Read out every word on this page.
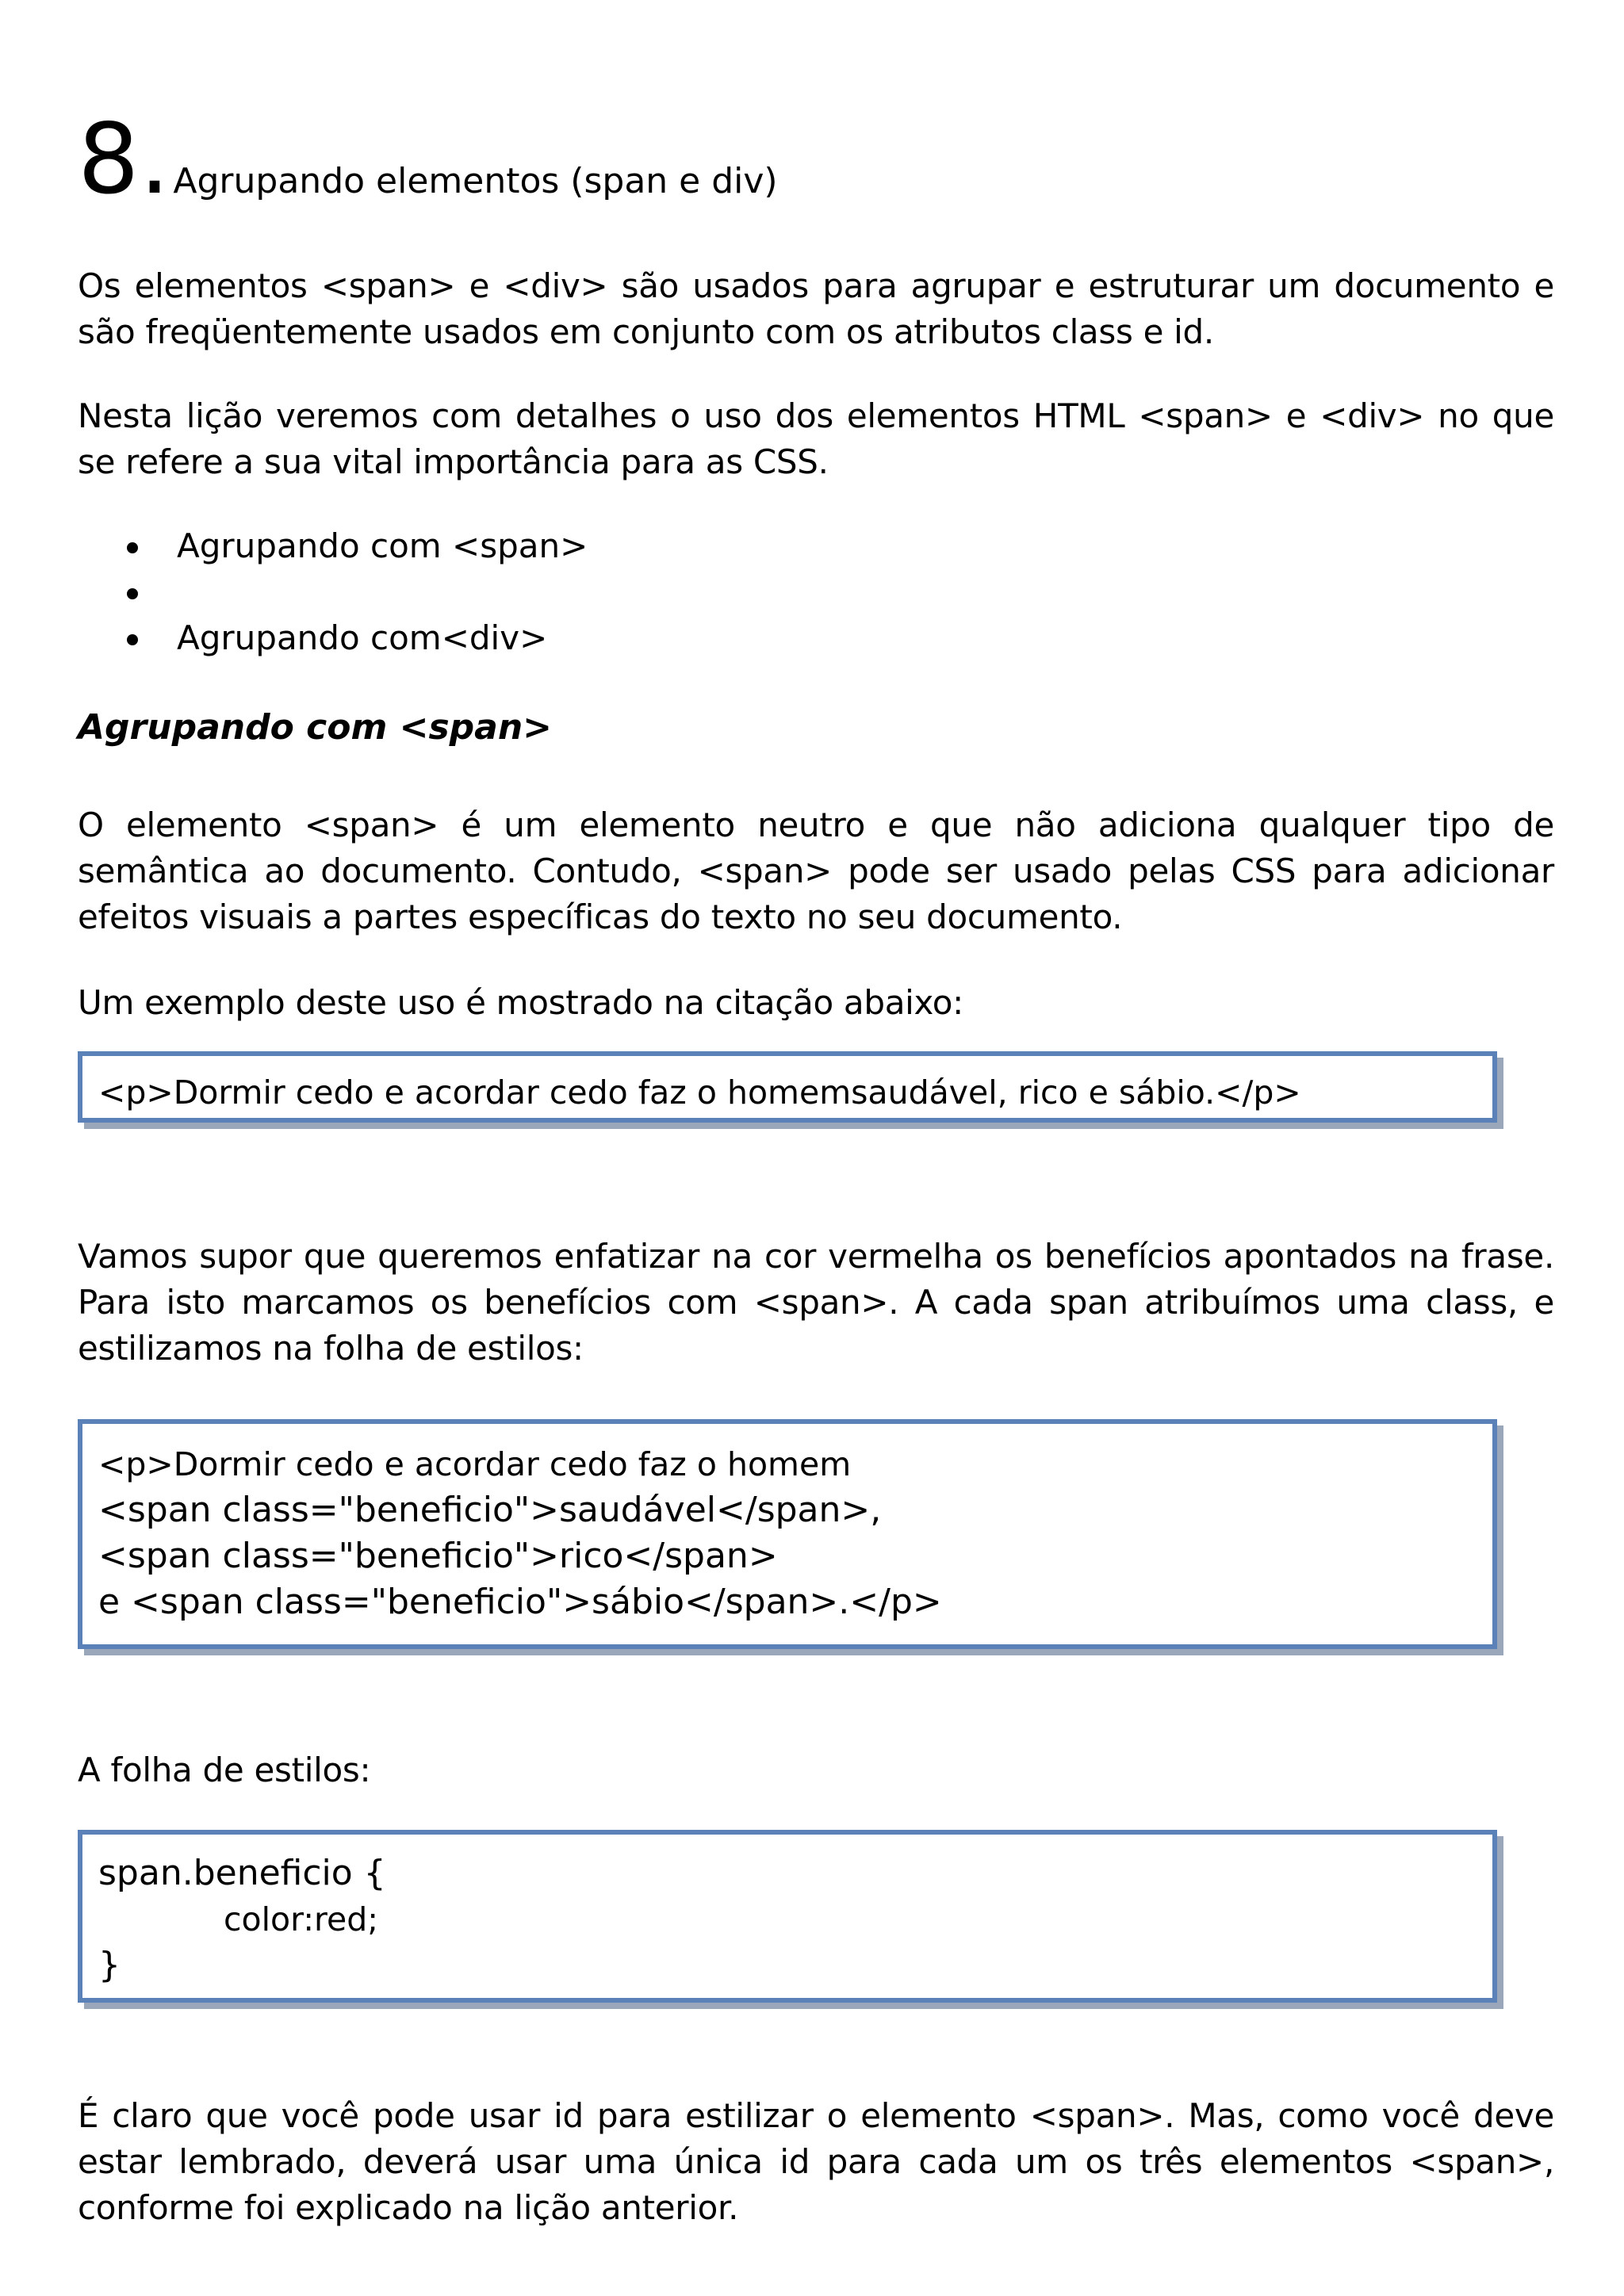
8.Agrupando elementos (span e div)
Os elementos <span> e <div> são usados para agrupar e estruturar um documento e são freqüentemente usados em conjunto com os atributos class e id.
Nesta lição veremos com detalhes o uso dos elementos HTML <span> e <div> no que se refere a sua vital importância para as CSS.
Agrupando com <span>
Agrupando com<div>
Agrupando com <span>
O elemento <span> é um elemento neutro e que não adiciona qualquer tipo de semântica ao documento. Contudo, <span> pode ser usado pelas CSS para adicionar efeitos visuais a partes específicas do texto no seu documento.
Um exemplo deste uso é mostrado na citação abaixo:
<p>Dormir cedo e acordar cedo faz o homemsaudável, rico e sábio.</p>
Vamos supor que queremos enfatizar na cor vermelha os benefícios apontados na frase. Para isto marcamos os benefícios com <span>. A cada span atribuímos uma class, e estilizamos na folha de estilos:
<p>Dormir cedo e acordar cedo faz o homem
<span class="beneficio">saudável</span>,
<span class="beneficio">rico</span>
e <span class="beneficio">sábio</span>.</p>
A folha de estilos:
span.beneficio {
color:red;
}
É claro que você pode usar id para estilizar o elemento <span>. Mas, como você deve estar lembrado, deverá usar uma única id para cada um os três elementos <span>, conforme foi explicado na lição anterior.
